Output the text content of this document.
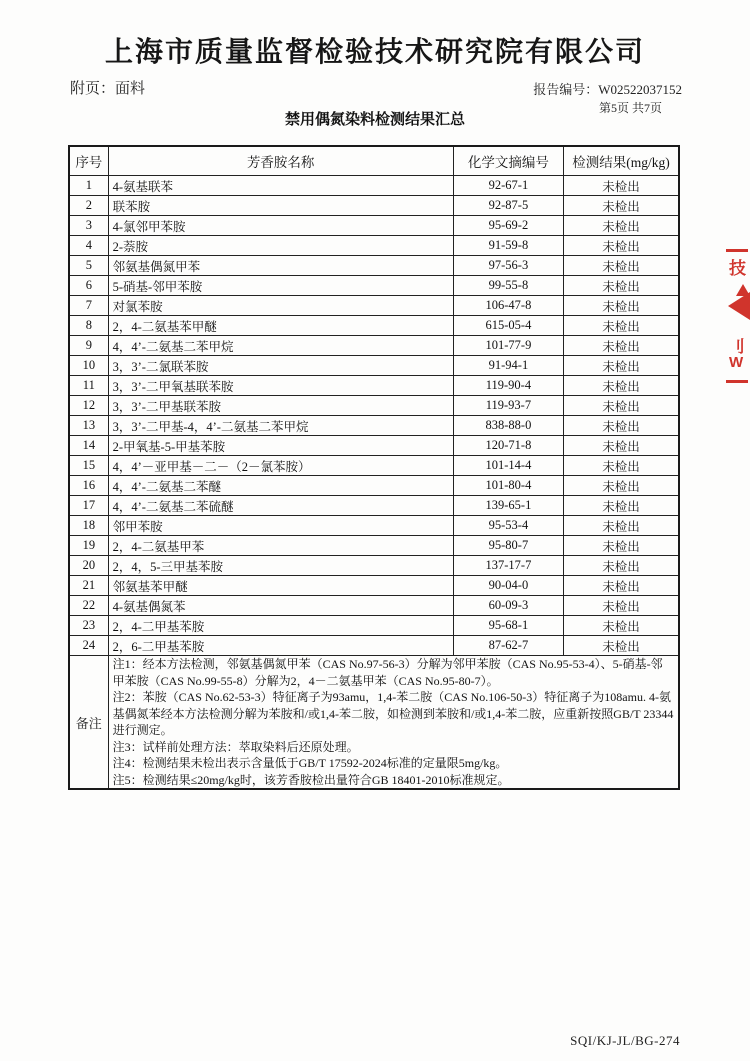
上海市质量监督检验技术研究院有限公司
附页：面料	报告编号：W02522037152
第5页 共7页
禁用偶氮染料检测结果汇总
序号	芳香胺名称	化学文摘编号	检测结果(mg/kg)
1	4-氨基联苯	92-67-1	未检出
2	联苯胺	92-87-5	未检出
3	4-氯邻甲苯胺	95-69-2	未检出
4	2-萘胺	91-59-8	未检出
5	邻氨基偶氮甲苯	97-56-3	未检出
6	5-硝基-邻甲苯胺	99-55-8	未检出
7	对氯苯胺	106-47-8	未检出
8	2，4-二氨基苯甲醚	615-05-4	未检出
9	4，4’-二氨基二苯甲烷	101-77-9	未检出
10	3，3’-二氯联苯胺	91-94-1	未检出
11	3，3’-二甲氧基联苯胺	119-90-4	未检出
12	3，3’-二甲基联苯胺	119-93-7	未检出
13	3，3’-二甲基-4，4’-二氨基二苯甲烷	838-88-0	未检出
14	2-甲氧基-5-甲基苯胺	120-71-8	未检出
15	4，4’－亚甲基－二－（2－氯苯胺）	101-14-4	未检出
16	4，4’-二氨基二苯醚	101-80-4	未检出
17	4，4’-二氨基二苯硫醚	139-65-1	未检出
18	邻甲苯胺	95-53-4	未检出
19	2，4-二氨基甲苯	95-80-7	未检出
20	2，4，5-三甲基苯胺	137-17-7	未检出
21	邻氨基苯甲醚	90-04-0	未检出
22	4-氨基偶氮苯	60-09-3	未检出
23	2，4-二甲基苯胺	95-68-1	未检出
24	2，6-二甲基苯胺	87-62-7	未检出
备注	注1：经本方法检测，邻氨基偶氮甲苯（CAS No.97-56-3）分解为邻甲苯胺（CAS No.95-53-4）、5-硝基-邻甲苯胺（CAS No.99-55-8）分解为2，4－二氨基甲苯（CAS No.95-80-7）。
注2：苯胺（CAS No.62-53-3）特征离子为93amu，1,4-苯二胺（CAS No.106-50-3）特征离子为108amu. 4-氨基偶氮苯经本方法检测分解为苯胺和/或1,4-苯二胺，如检测到苯胺和/或1,4-苯二胺，应重新按照GB/T 23344 进行测定。
注3：试样前处理方法：萃取染料后还原处理。
注4：检测结果未检出表示含量低于GB/T 17592-2024标准的定量限5mg/kg。
注5：检测结果≤20mg/kg时，该芳香胺检出量符合GB 18401-2010标准规定。		
技
刂
W
SQI/KJ-JL/BG-274
